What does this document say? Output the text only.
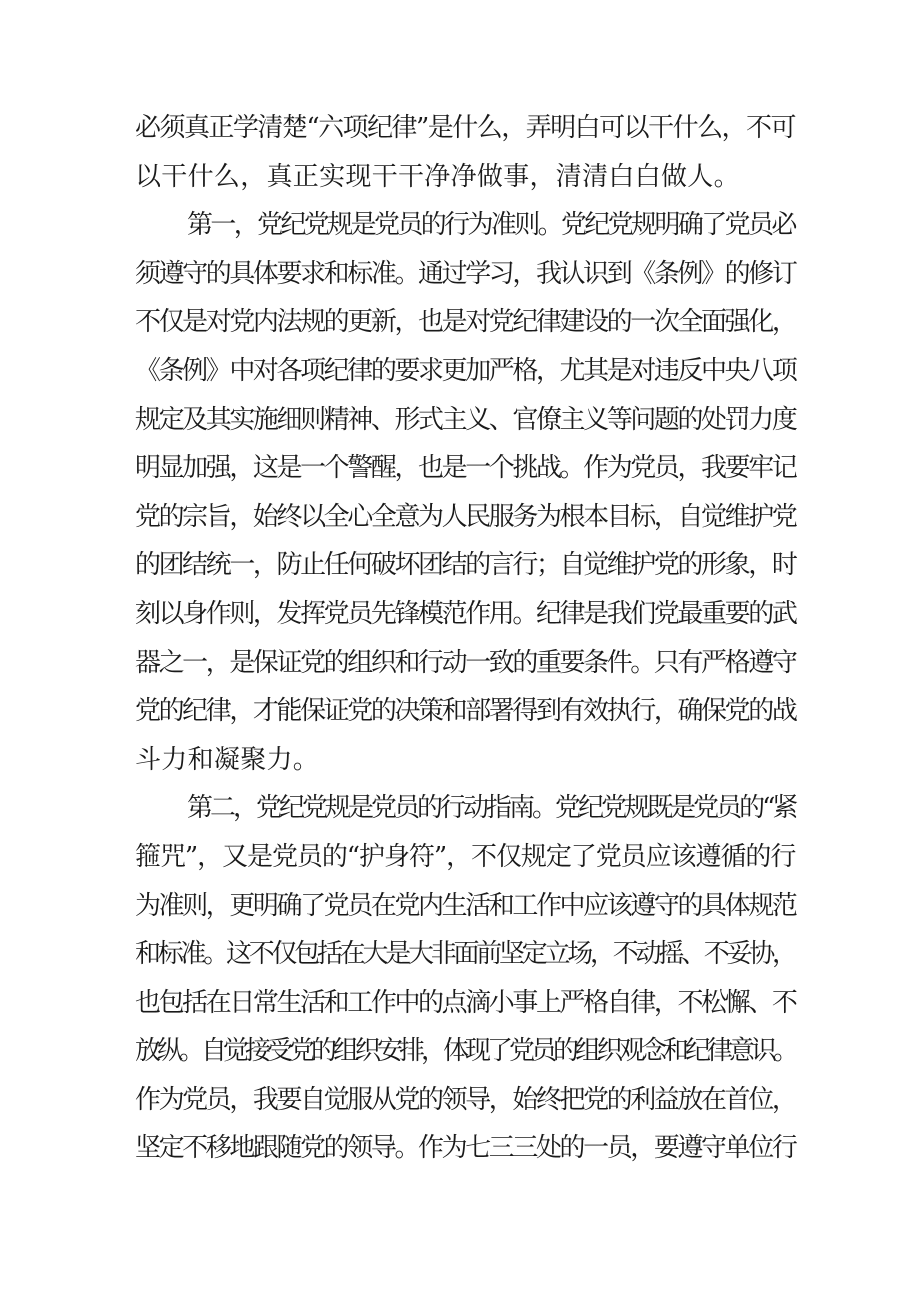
必须真正学清楚“六项纪律”是什么，弄明白可以干什么，不可
以干什么，真正实现干干净净做事，清清白白做人。
第一，党纪党规是党员的行为准则。党纪党规明确了党员必
须遵守的具体要求和标准。通过学习，我认识到《条例》的修订
不仅是对党内法规的更新，也是对党纪律建设的一次全面强化，
《条例》中对各项纪律的要求更加严格，尤其是对违反中央八项
规定及其实施细则精神、形式主义、官僚主义等问题的处罚力度
明显加强，这是一个警醒，也是一个挑战。作为党员，我要牢记
党的宗旨，始终以全心全意为人民服务为根本目标，自觉维护党
的团结统一，防止任何破坏团结的言行；自觉维护党的形象，时
刻以身作则，发挥党员先锋模范作用。纪律是我们党最重要的武
器之一，是保证党的组织和行动一致的重要条件。只有严格遵守
党的纪律，才能保证党的决策和部署得到有效执行，确保党的战
斗力和凝聚力。
第二，党纪党规是党员的行动指南。党纪党规既是党员的“紧
箍咒”，又是党员的“护身符”，不仅规定了党员应该遵循的行
为准则，更明确了党员在党内生活和工作中应该遵守的具体规范
和标准。这不仅包括在大是大非面前坚定立场，不动摇、不妥协，
也包括在日常生活和工作中的点滴小事上严格自律，不松懈、不
放纵。自觉接受党的组织安排，体现了党员的组织观念和纪律意识。
作为党员，我要自觉服从党的领导，始终把党的利益放在首位，
坚定不移地跟随党的领导。作为七三三处的一员，要遵守单位行
